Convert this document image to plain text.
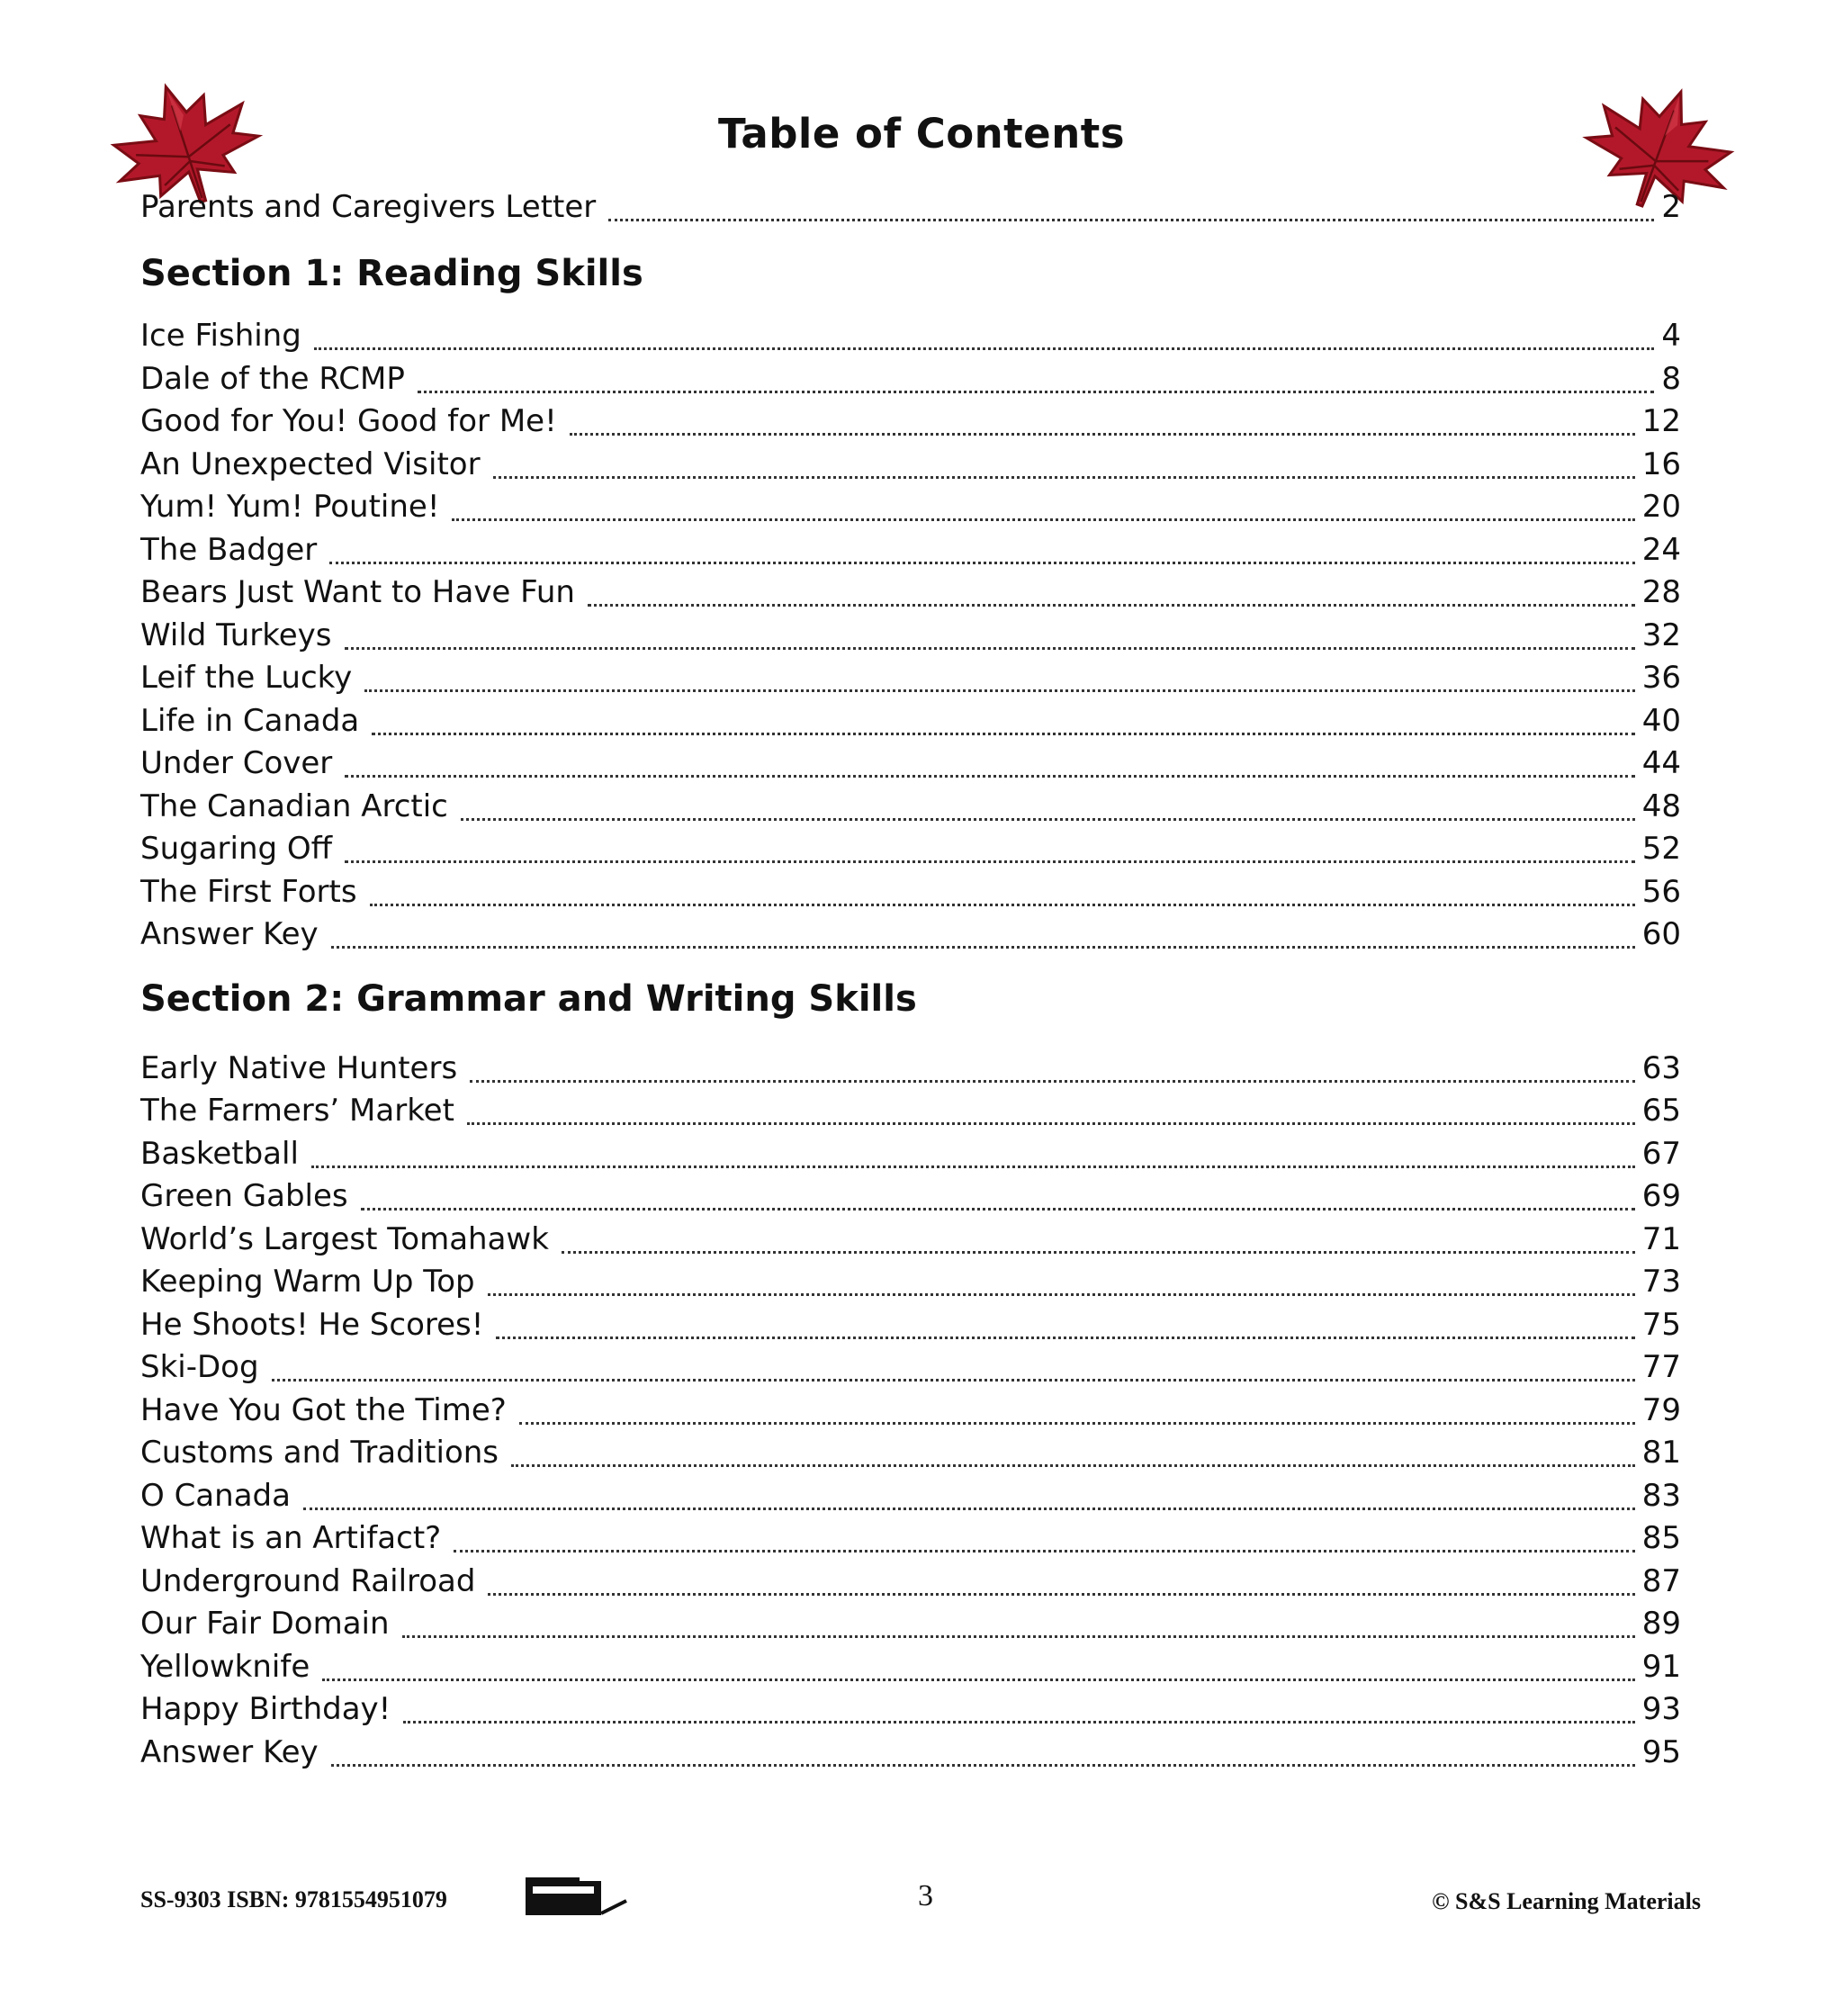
Table of Contents
Parents and Caregivers Letter	2
Section 1: Reading Skills
Ice Fishing	4
Dale of the RCMP	8
Good for You! Good for Me!	12
An Unexpected Visitor	16
Yum! Yum! Poutine!	20
The Badger	24
Bears Just Want to Have Fun	28
Wild Turkeys	32
Leif the Lucky	36
Life in Canada	40
Under Cover	44
The Canadian Arctic	48
Sugaring Off	52
The First Forts	56
Answer Key	60
Section 2: Grammar and Writing Skills
Early Native Hunters	63
The Farmers’ Market	65
Basketball	67
Green Gables	69
World’s Largest Tomahawk	71
Keeping Warm Up Top	73
He Shoots! He Scores!	75
Ski-Dog	77
Have You Got the Time?	79
Customs and Traditions	81
O Canada	83
What is an Artifact?	85
Underground Railroad	87
Our Fair Domain	89
Yellowknife	91
Happy Birthday!	93
Answer Key	95
SS-9303 ISBN: 9781554951079	3	© S&S Learning Materials
